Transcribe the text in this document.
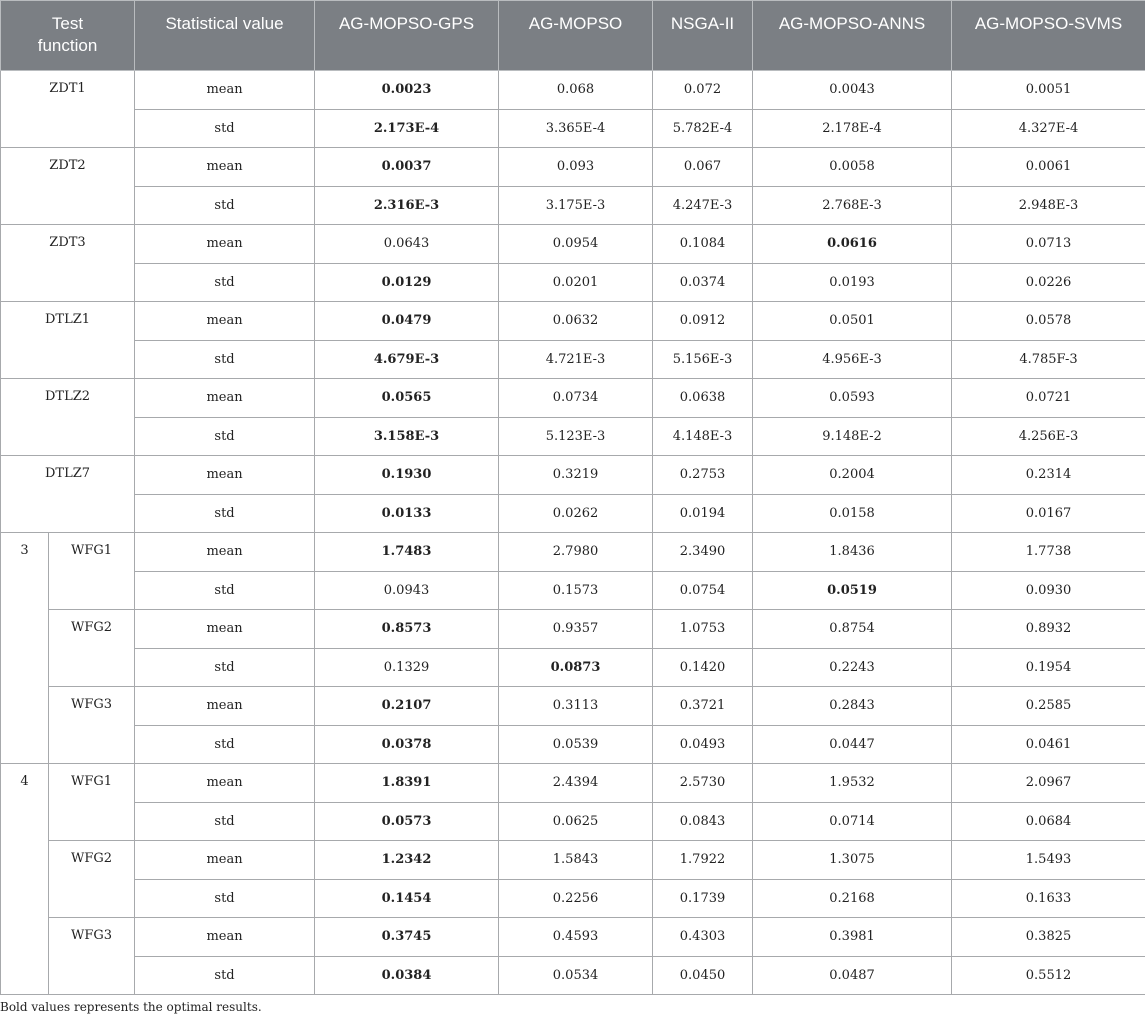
Test
function		Statistical value	AG-MOPSO-GPS	AG-MOPSO	NSGA-II	AG-MOPSO-ANNS	AG-MOPSO-SVMS

ZDT1		mean	0.0023	0.068	0.072	0.0043	0.0051
		std	2.173E-4	3.365E-4	5.782E-4	2.178E-4	4.327E-4
ZDT2		mean	0.0037	0.093	0.067	0.0058	0.0061
		std	2.316E-3	3.175E-3	4.247E-3	2.768E-3	2.948E-3
ZDT3		mean	0.0643	0.0954	0.1084	0.0616	0.0713
		std	0.0129	0.0201	0.0374	0.0193	0.0226
DTLZ1		mean	0.0479	0.0632	0.0912	0.0501	0.0578
		std	4.679E-3	4.721E-3	5.156E-3	4.956E-3	4.785F-3
DTLZ2		mean	0.0565	0.0734	0.0638	0.0593	0.0721
		std	3.158E-3	5.123E-3	4.148E-3	9.148E-2	4.256E-3
DTLZ7		mean	0.1930	0.3219	0.2753	0.2004	0.2314
		std	0.0133	0.0262	0.0194	0.0158	0.0167
3	WFG1	mean	1.7483	2.7980	2.3490	1.8436	1.7738
		std	0.0943	0.1573	0.0754	0.0519	0.0930
	WFG2	mean	0.8573	0.9357	1.0753	0.8754	0.8932
		std	0.1329	0.0873	0.1420	0.2243	0.1954
	WFG3	mean	0.2107	0.3113	0.3721	0.2843	0.2585
		std	0.0378	0.0539	0.0493	0.0447	0.0461
4	WFG1	mean	1.8391	2.4394	2.5730	1.9532	2.0967
		std	0.0573	0.0625	0.0843	0.0714	0.0684
	WFG2	mean	1.2342	1.5843	1.7922	1.3075	1.5493
		std	0.1454	0.2256	0.1739	0.2168	0.1633
	WFG3	mean	0.3745	0.4593	0.4303	0.3981	0.3825
		std	0.0384	0.0534	0.0450	0.0487	0.5512
Bold values represents the optimal results.
